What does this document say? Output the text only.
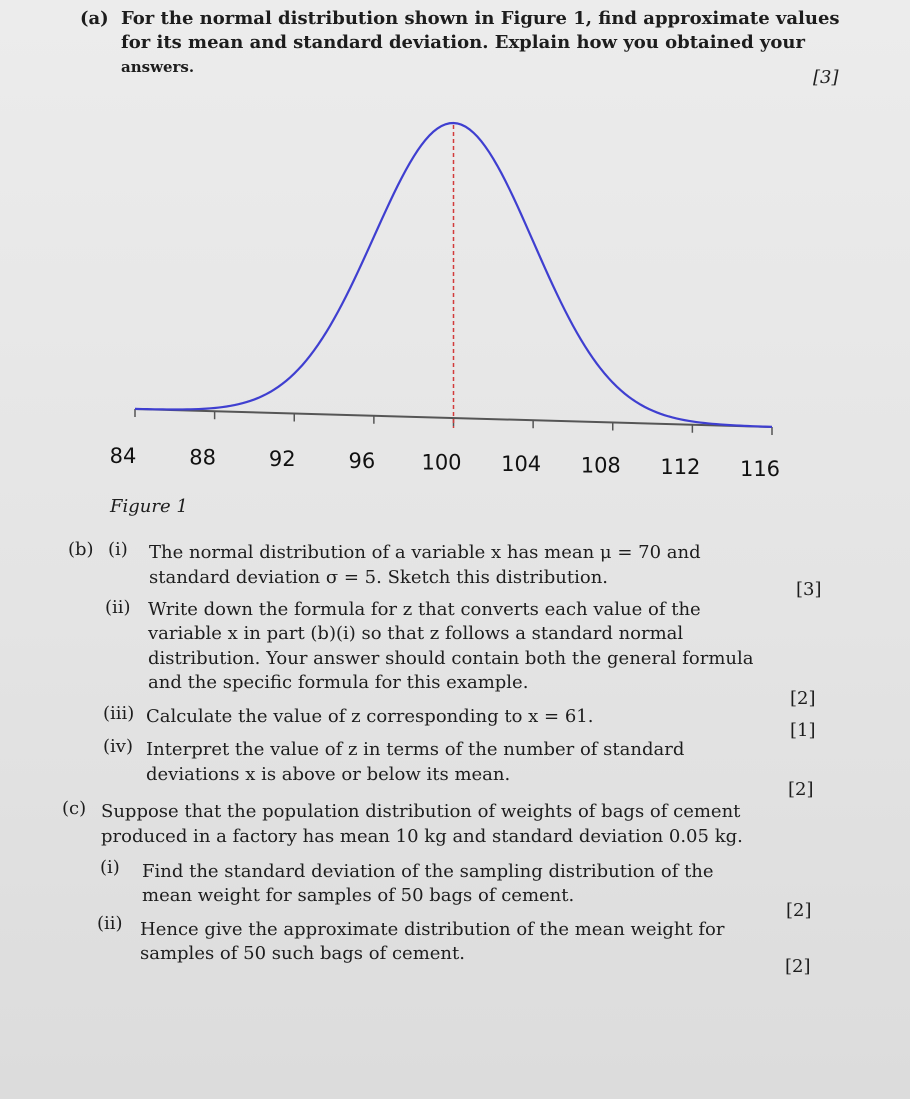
(a) For the normal distribution shown in Figure 1, find approximate values
for its mean and standard deviation. Explain how you obtained your
answers.	[3]
84	88	92	96 100 104 108 112 116
Figure 1
(b) (i) The normal distribution of a variable x has mean μ = 70 and
standard deviation σ = 5. Sketch this distribution.
[3]
(ii) Write down the formula for z that converts each value of the
variable x in part (b)(i) so that z follows a standard normal
distribution. Your answer should contain both the general formula
and the specific formula for this example.
[2]
(iii) Calculate the value of z corresponding to x = 61.
[1]
(iv) Interpret the value of z in terms of the number of standard
deviations x is above or below its mean.
[2]
(c) Suppose that the population distribution of weights of bags of cement
produced in a factory has mean 10 kg and standard deviation 0.05 kg.
(i) Find the standard deviation of the sampling distribution of the
mean weight for samples of 50 bags of cement.
[2]
(ii) Hence give the approximate distribution of the mean weight for
samples of 50 such bags of cement.
[2]
